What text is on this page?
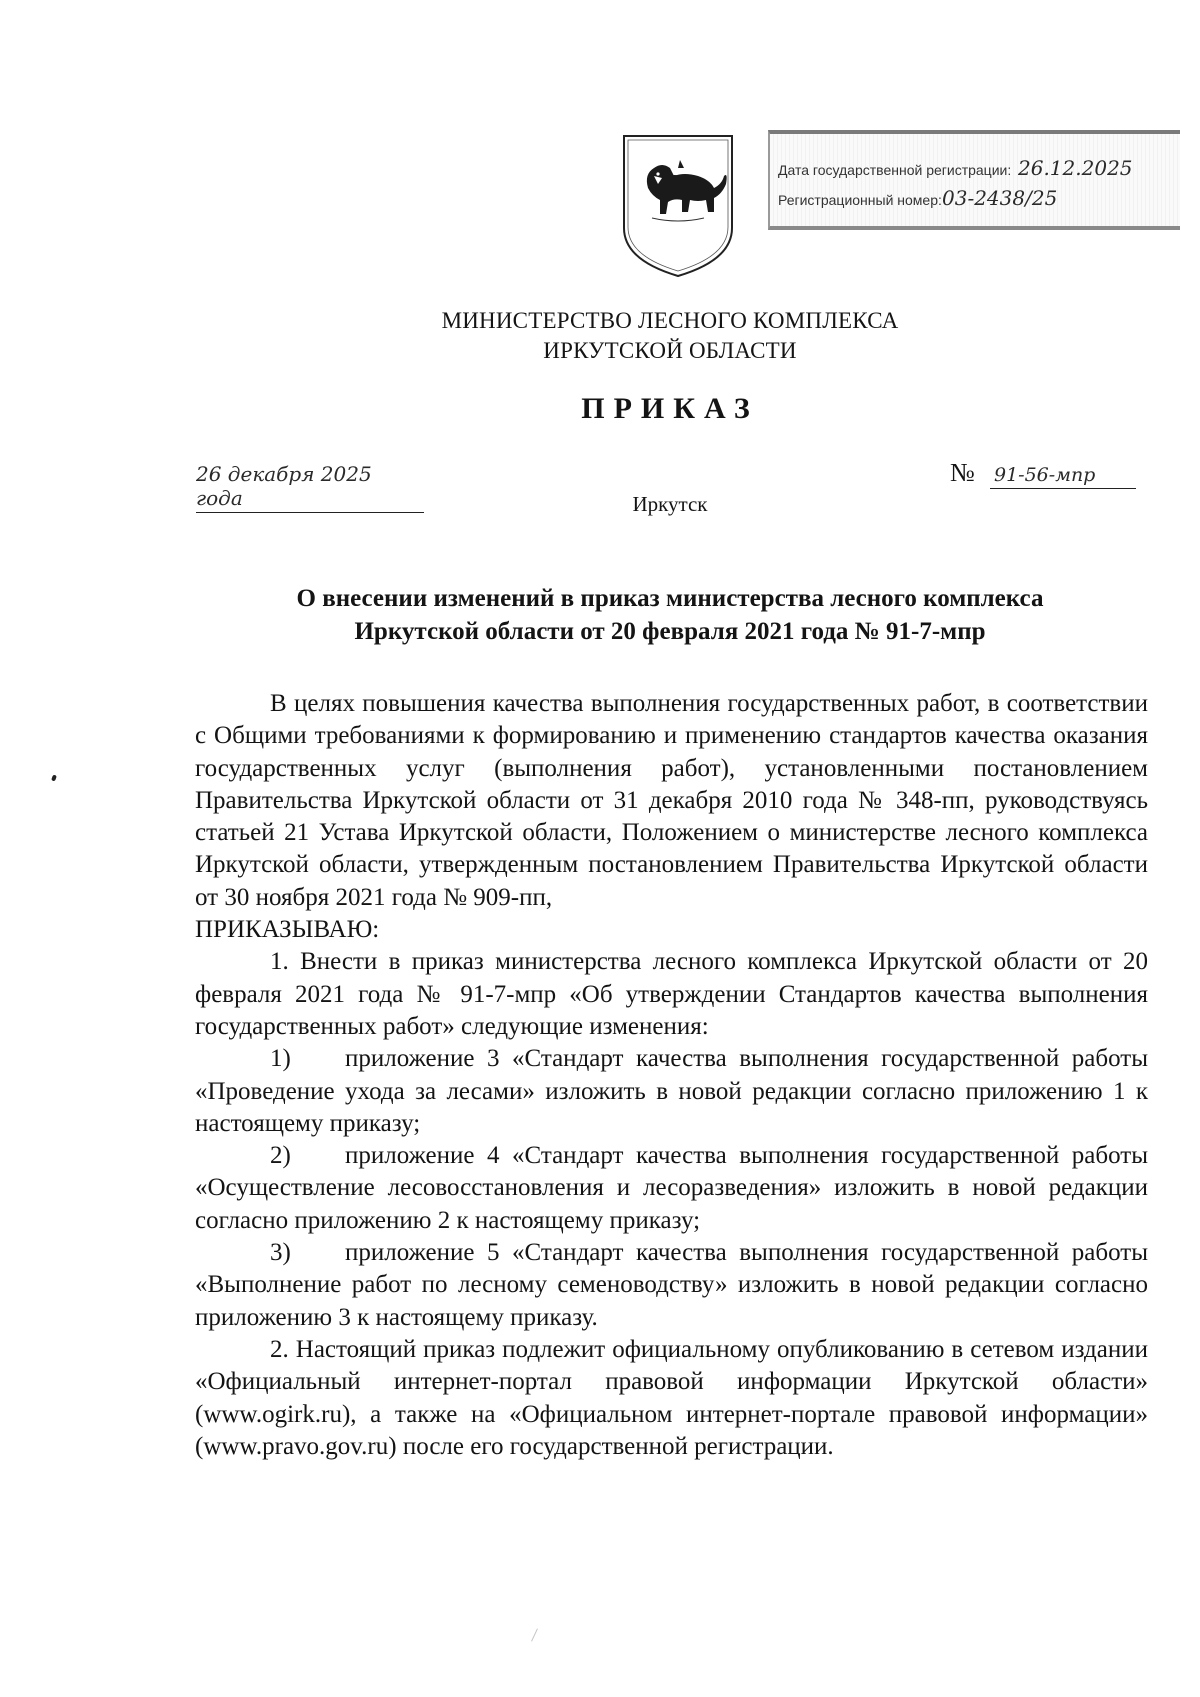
Дата государственной регистрации: 26.12.2025
Регистрационный номер: 03-2438/25
МИНИСТЕРСТВО ЛЕСНОГО КОМПЛЕКСА
ИРКУТСКОЙ ОБЛАСТИ
ПРИКАЗ
26 декабря 2025 года
№ 91-56-мпр
Иркутск
О внесении изменений в приказ министерства лесного комплекса
Иркутской области от 20 февраля 2021 года № 91-7-мпр

В целях повышения качества выполнения государственных работ, в соответствии с Общими требованиями к формированию и применению стандартов качества оказания государственных услуг (выполнения работ), установленными постановлением Правительства Иркутской области от 31 декабря 2010 года № 348-пп, руководствуясь статьей 21 Устава Иркутской области, Положением о министерстве лесного комплекса Иркутской области, утвержденным постановлением Правительства Иркутской области от 30 ноября 2021 года № 909-пп,

ПРИКАЗЫВАЮ:

1. Внести в приказ министерства лесного комплекса Иркутской области от 20 февраля 2021 года № 91-7-мпр «Об утверждении Стандартов качества выполнения государственных работ» следующие изменения:

1) приложение 3 «Стандарт качества выполнения государственной работы «Проведение ухода за лесами» изложить в новой редакции согласно приложению 1 к настоящему приказу;

2) приложение 4 «Стандарт качества выполнения государственной работы «Осуществление лесовосстановления и лесоразведения» изложить в новой редакции согласно приложению 2 к настоящему приказу;

3) приложение 5 «Стандарт качества выполнения государственной работы «Выполнение работ по лесному семеноводству» изложить в новой редакции согласно приложению 3 к настоящему приказу.

2. Настоящий приказ подлежит официальному опубликованию в сетевом издании «Официальный интернет-портал правовой информации Иркутской области» (www.ogirk.ru), а также на «Официальном интернет-портале правовой информации» (www.pravo.gov.ru) после его государственной регистрации.
